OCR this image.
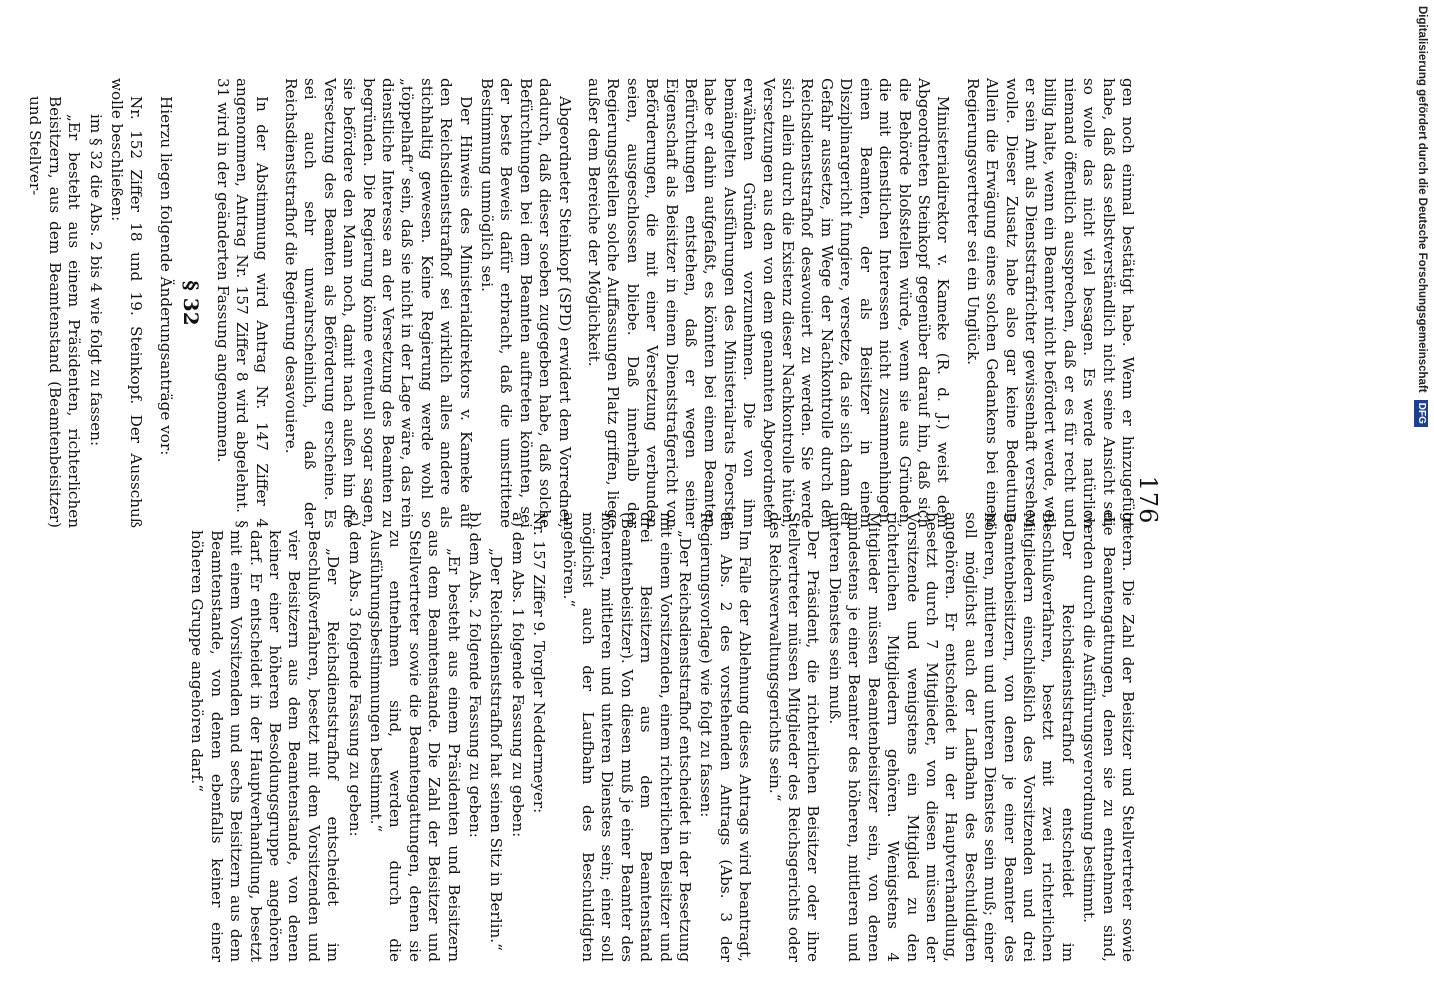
176

gen noch einmal bestätigt habe. Wenn er hinzugefügt habe, daß das selbstverständlich nicht seine Ansicht sei, so wolle das nicht viel besagen. Es werde natürlich niemand öffentlich aussprechen, daß er es für recht und billig halte, wenn ein Beamter nicht befördert werde, weil er sein Amt als Dienststrafrichter gewissenhaft versehen wolle. Dieser Zusatz habe also gar keine Bedeutung. Allein die Erwägung eines solchen Gedankens bei einem Regierungsvertreter sei ein Unglück.

Ministerialdirektor v. Kameke (R. d. J.) weist dem Abgeordneten Steinkopf gegenüber darauf hin, daß sich die Behörde bloßstellen würde, wenn sie aus Gründen, die mit dienstlichen Interessen nicht zusammenhingen, einen Beamten, der als Beisitzer in einem Disziplinargericht fungiere, versetze, da sie sich dann der Gefahr aussetze, im Wege der Nachkontrolle durch den Reichsdienststrafhof desavouiert zu werden. Sie werde sich allein durch die Existenz dieser Nachkontrolle hüten, Versetzungen aus den von dem genannten Abgeordneten erwähnten Gründen vorzunehmen. Die von ihm bemängelten Ausführungen des Ministerialrats Foerster habe er dahin aufgefaßt, es könnten bei einem Beamten Befürchtungen entstehen, daß er wegen seiner Eigenschaft als Beisitzer in einem Dienststrafgericht von Beförderungen, die mit einer Versetzung verbunden seien, ausgeschlossen bliebe. Daß innerhalb der Regierungsstellen solche Auffassungen Platz griffen, liege außer dem Bereiche der Möglichkeit.

Abgeordneter Steinkopf (SPD) erwidert dem Vorredner, dadurch, daß dieser soeben zugegeben habe, daß solche Befürchtungen bei dem Beamten auftreten könnten, sei der beste Beweis dafür erbracht, daß die umstrittene Bestimmung unmöglich sei.

Der Hinweis des Ministerialdirektors v. Kameke auf den Reichsdienststrafhof sei wirklich alles andere als stichhaltig gewesen. Keine Regierung werde wohl so „töppelhaft“ sein, daß sie nicht in der Lage wäre, das rein dienstliche Interesse an der Versetzung des Beamten zu begründen. Die Regierung könne eventuell sogar sagen, sie befördere den Mann noch, damit nach außen hin die Versetzung des Beamten als Beförderung erscheine. Es sei auch sehr unwahrscheinlich, daß der Reichsdienststrafhof die Regierung desavouiere.

In der Abstimmung wird Antrag Nr. 147 Ziffer 4 angenommen, Antrag Nr. 157 Ziffer 8 wird abgelehnt. § 31 wird in der geänderten Fassung angenommen.

§ 32

Hierzu liegen folgende Änderungsanträge vor:

Nr. 152 Ziffer 18 und 19. Steinkopf. Der Ausschuß wolle beschließen:

im § 32 die Abs. 2 bis 4 wie folgt zu fassen:

„Er besteht aus einem Präsidenten, richterlichen Beisitzern, aus dem Beamtenstand (Beamtenbeisitzer) und Stellver-

tretern. Die Zahl der Beisitzer und Stellvertreter sowie die Beamtengattungen, denen sie zu entnehmen sind, werden durch die Ausführungsverordnung bestimmt.

Der Reichsdienststrafhof entscheidet im Beschlußverfahren, besetzt mit zwei richterlichen Mitgliedern einschließlich des Vorsitzenden und drei Beamtenbeisitzern, von denen je einer Beamter des höheren, mittleren und unteren Dienstes sein muß; einer soll möglichst auch der Laufbahn des Beschuldigten angehören. Er entscheidet in der Hauptverhandlung, besetzt durch 7 Mitglieder, von diesen müssen der Vorsitzende und wenigstens ein Mitglied zu den richterlichen Mitgliedern gehören. Wenigstens 4 Mitglieder müssen Beamtenbeisitzer sein, von denen mindestens je einer Beamter des höheren, mittleren und unteren Dienstes sein muß.

Der Präsident, die richterlichen Beisitzer oder ihre Stellvertreter müssen Mitglieder des Reichsgerichts oder des Reichsverwaltungsgerichts sein.“

Im Falle der Ablehnung dieses Antrags wird beantragt, den Abs. 2 des vorstehenden Antrags (Abs. 3 der Regierungsvorlage) wie folgt zu fassen:

„Der Reichsdienststrafhof entscheidet in der Besetzung mit einem Vorsitzenden, einem richterlichen Beisitzer und drei Beisitzern aus dem Beamtenstand (Beamtenbeisitzer). Von diesen muß je einer Beamter des höheren, mittleren und unteren Dienstes sein; einer soll möglichst auch der Laufbahn des Beschuldigten angehören.“

Nr. 157 Ziffer 9. Torgler Neddermeyer:

a) dem Abs. 1 folgende Fassung zu geben:

„Der Reichsdienststrafhof hat seinen Sitz in Berlin.“

b) dem Abs. 2 folgende Fassung zu geben:

„Er besteht aus einem Präsidenten und Beisitzern aus dem Beamtenstande. Die Zahl der Beisitzer und Stellvertreter sowie die Beamtengattungen, denen sie zu entnehmen sind, werden durch die Ausführungsbestimmungen bestimmt.“

c) dem Abs. 3 folgende Fassung zu geben:

„Der Reichsdienststrafhof entscheidet im Beschlußverfahren, besetzt mit dem Vorsitzenden und vier Beisitzern aus dem Beamtenstande, von denen keiner einer höheren Besoldungsgruppe angehören darf. Er entscheidet in der Hauptverhandlung, besetzt mit einem Vorsitzenden und sechs Beisitzern aus dem Beamtenstande, von denen ebenfalls keiner einer höheren Gruppe angehören darf.“

Digitalisierung gefördert durch die Deutsche Forschungsgemeinschaft DFG
